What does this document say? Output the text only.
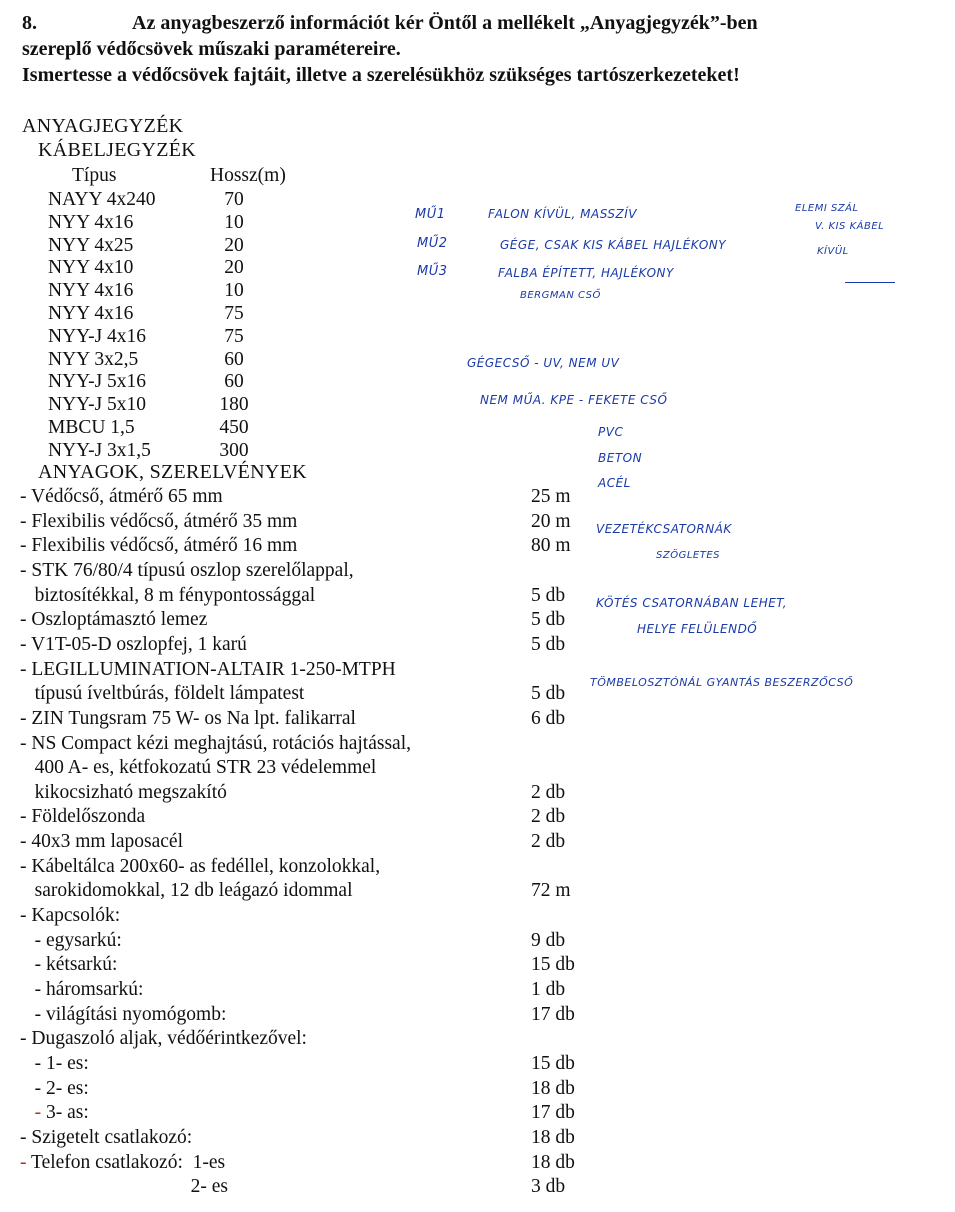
8.	Az anyagbeszerző információt kér Öntől a mellékelt „Anyagjegyzék”-ben
szereplő védőcsövek műszaki paramétereire.
Ismertesse a védőcsövek fajtáit, illetve a szerelésükhöz szükséges tartószerkezeteket!
ANYAGJEGYZÉK
KÁBELJEGYZÉK
Típus	Hossz(m)
NAYY 4x240	70
NYY 4x16	10
NYY 4x25	20
NYY 4x10	20
NYY 4x16	10
NYY 4x16	75
NYY-J 4x16	75
NYY 3x2,5	60
NYY-J 5x16	60
NYY-J 5x10	180
MBCU 1,5	450
NYY-J 3x1,5	300
ANYAGOK, SZERELVÉNYEK
- Védőcső, átmérő 65 mm	25 m
- Flexibilis védőcső, átmérő 35 mm	20 m
- Flexibilis védőcső, átmérő 16 mm	80 m
- STK 76/80/4 típusú oszlop szerelőlappal,
biztosítékkal, 8 m fénypontossággal	5 db
- Oszloptámasztó lemez	5 db
- V1T-05-D oszlopfej, 1 karú	5 db
- LEGILLUMINATION-ALTAIR 1-250-MTPH
típusú íveltbúrás, földelt lámpatest	5 db
- ZIN Tungsram 75 W- os Na lpt. falikarral	6 db
- NS Compact kézi meghajtású, rotációs hajtással,
400 A- es, kétfokozatú STR 23 védelemmel
kikocsizható megszakító	2 db
- Földelőszonda	2 db
- 40x3 mm laposacél	2 db
- Kábeltálca 200x60- as fedéllel, konzolokkal,
sarokidomokkal, 12 db leágazó idommal	72 m
- Kapcsolók:
- egysarkú:	9 db
- kétsarkú:	15 db
- háromsarkú:	1 db
- világítási nyomógomb:	17 db
- Dugaszoló aljak, védőérintkezővel:
- 1- es:	15 db
- 2- es:	18 db
- 3- as:	17 db
- Szigetelt csatlakozó:	18 db
- Telefon csatlakozó:  1-es	18 db
2- es	3 db
MŰ1
MŰ2
MŰ3
FALON KÍVÜL, MASSZÍV	ELEMI SZÁL
V. KIS KÁBEL
GÉGE, CSAK KIS KÁBEL HAJLÉKONY	KÍVÜL
FALBA ÉPÍTETT, HAJLÉKONY
BERGMAN CSŐ
GÉGECSŐ - UV, NEM UV
NEM MŰA. KPE - FEKETE CSŐ
PVC
BETON
ACÉL
VEZETÉKCSATORNÁK
SZÖGLETES
KÖTÉS CSATORNÁBAN LEHET,
HELYE FELÜLENDŐ
TÖMBELOSZTÓNÁL GYANTÁS BESZERZŐCSŐ
